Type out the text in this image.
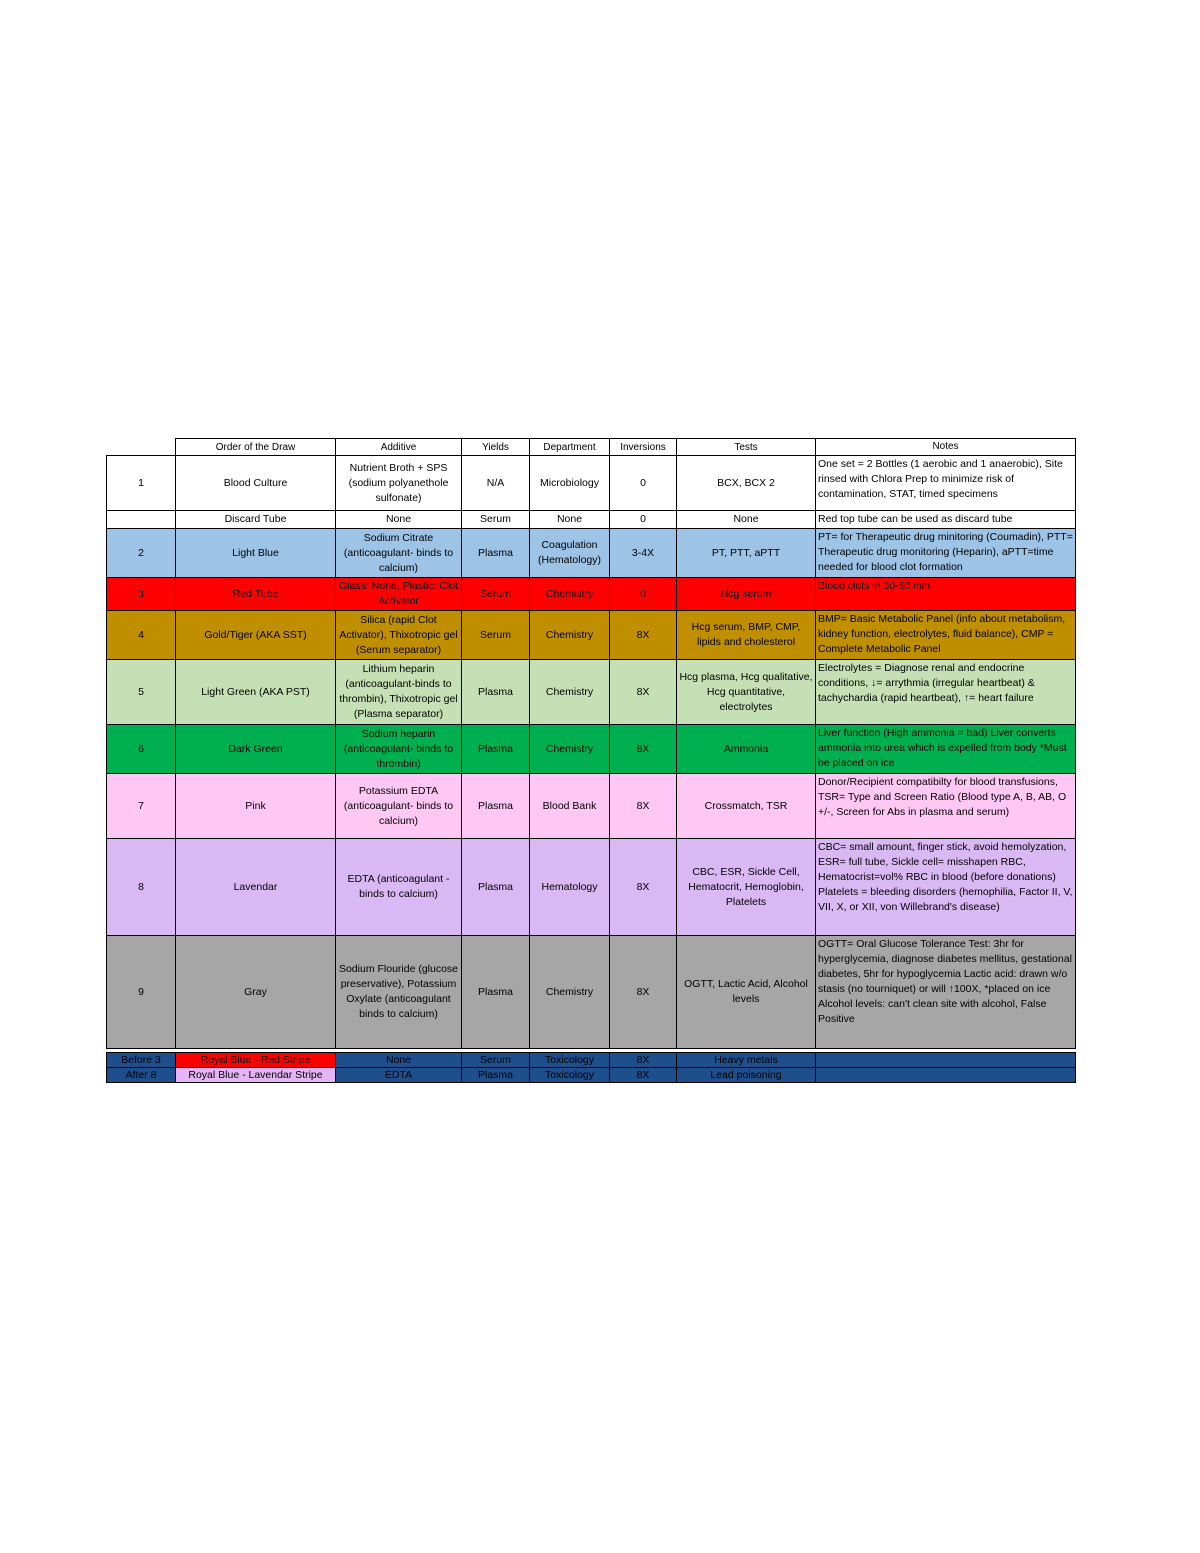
	Order of the Draw	Additive	Yields	Department	Inversions	Tests	Notes
1	Blood Culture	Nutrient Broth + SPS (sodium polyanethole sulfonate)	N/A	Microbiology	0	BCX, BCX 2	One set = 2 Bottles (1 aerobic and 1 anaerobic), Site rinsed with Chlora Prep to minimize risk of contamination, STAT, timed specimens
	Discard Tube	None	Serum	None	0	None	Red top tube can be used as discard tube
2	Light Blue	Sodium Citrate (anticoagulant- binds to calcium)	Plasma	Coagulation (Hematology)	3-4X	PT, PTT, aPTT	PT= for Therapeutic drug minitoring (Coumadin), PTT= Therapeutic drug monitoring (Heparin), aPTT=time needed for blood clot formation
3	Red Tube	Glass: None, Plastic: Clot Activator	Serum	Chemistry	0	Hcg serum	Blood clots in 30-60 min
4	Gold/Tiger (AKA SST)	Silica (rapid Clot Activator), Thixotropic gel (Serum separator)	Serum	Chemistry	8X	Hcg serum, BMP, CMP, lipids and cholesterol	BMP= Basic Metabolic Panel (info about metabolism, kidney function, electrolytes, fluid balance), CMP = Complete Metabolic Panel
5	Light Green (AKA PST)	Lithium heparin (anticoagulant-binds to thrombin), Thixotropic gel (Plasma separator)	Plasma	Chemistry	8X	Hcg plasma, Hcg qualitative, Hcg quantitative, electrolytes	Electrolytes = Diagnose renal and endocrine conditions, ↓= arrythmia (irregular heartbeat) & tachychardia (rapid heartbeat), ↑= heart failure
6	Dark Green	Sodium heparin (anticoagulant- binds to thrombin)	Plasma	Chemistry	8X	Ammonia	Liver function (High ammonia = bad) Liver converts ammonia into urea which is expelled from body *Must be placed on ice
7	Pink	Potassium EDTA (anticoagulant- binds to calcium)	Plasma	Blood Bank	8X	Crossmatch, TSR	Donor/Recipient compatibilty for blood transfusions, TSR= Type and Screen Ratio (Blood type A, B, AB, O +/-, Screen for Abs in plasma and serum)
8	Lavendar	EDTA (anticoagulant - binds to calcium)	Plasma	Hematology	8X	CBC, ESR, Sickle Cell, Hematocrit, Hemoglobin, Platelets	CBC= small amount, finger stick, avoid hemolyzation, ESR= full tube, Sickle cell= misshapen RBC, Hematocrist=vol% RBC in blood (before donations) Platelets = bleeding disorders (hemophilia, Factor II, V, VII, X, or XII, von Willebrand's disease)
9	Gray	Sodium Flouride (glucose preservative), Potassium Oxylate (anticoagulant binds to calcium)	Plasma	Chemistry	8X	OGTT, Lactic Acid, Alcohol levels	OGTT= Oral Glucose Tolerance Test: 3hr for hyperglycemia, diagnose diabetes mellitus, gestational diabetes, 5hr for hypoglycemia Lactic acid: drawn w/o stasis (no tourniquet) or will ↑100X, *placed on ice
Alcohol levels: can't clean site with alcohol, False Positive
Before 3	Royal Blue - Red Stripe	None	Serum	Toxicology	8X	Heavy metals	
After 8	Royal Blue - Lavendar Stripe	EDTA	Plasma	Toxicology	8X	Lead poisoning	
